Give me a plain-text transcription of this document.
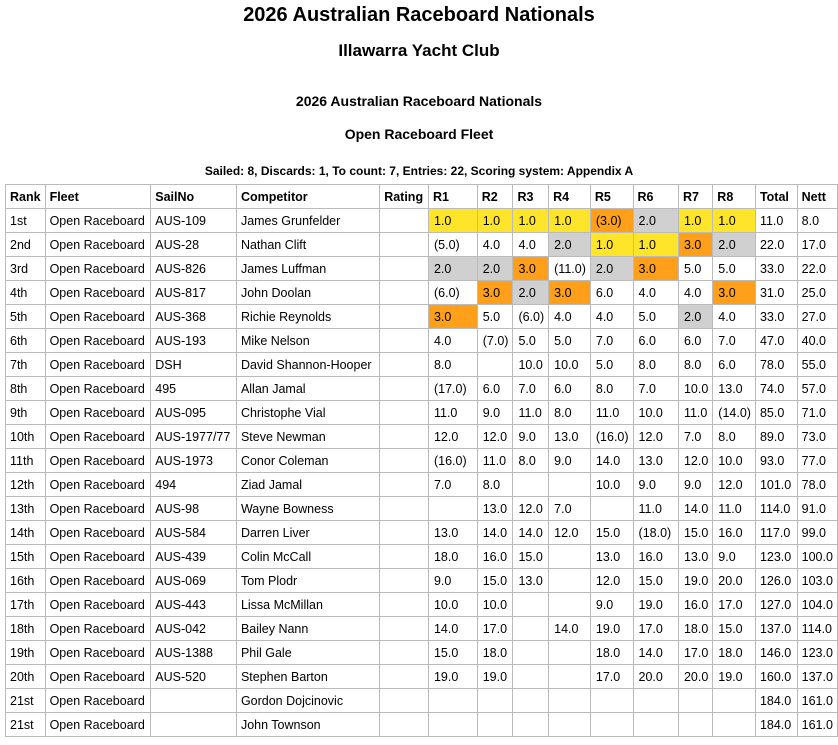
2026 Australian Raceboard Nationals
Illawarra Yacht Club
2026 Australian Raceboard Nationals
Open Raceboard Fleet
Sailed: 8, Discards: 1, To count: 7, Entries: 22, Scoring system: Appendix A
Rank	Fleet	SailNo	Competitor	Rating	R1	R2	R3	R4	R5	R6	R7	R8	Total	Nett
1st	Open Raceboard	AUS-109	James Grunfelder		1.0	1.0	1.0	1.0	(3.0)	2.0	1.0	1.0	11.0	8.0
2nd	Open Raceboard	AUS-28	Nathan Clift		(5.0)	4.0	4.0	2.0	1.0	1.0	3.0	2.0	22.0	17.0
3rd	Open Raceboard	AUS-826	James Luffman		2.0	2.0	3.0	(11.0)	2.0	3.0	5.0	5.0	33.0	22.0
4th	Open Raceboard	AUS-817	John Doolan		(6.0)	3.0	2.0	3.0	6.0	4.0	4.0	3.0	31.0	25.0
5th	Open Raceboard	AUS-368	Richie Reynolds		3.0	5.0	(6.0)	4.0	4.0	5.0	2.0	4.0	33.0	27.0
6th	Open Raceboard	AUS-193	Mike Nelson		4.0	(7.0)	5.0	5.0	7.0	6.0	6.0	7.0	47.0	40.0
7th	Open Raceboard	DSH	David Shannon-Hooper		8.0		10.0	10.0	5.0	8.0	8.0	6.0	78.0	55.0
8th	Open Raceboard	495	Allan Jamal		(17.0)	6.0	7.0	6.0	8.0	7.0	10.0	13.0	74.0	57.0
9th	Open Raceboard	AUS-095	Christophe Vial		11.0	9.0	11.0	8.0	11.0	10.0	11.0	(14.0)	85.0	71.0
10th	Open Raceboard	AUS-1977/77	Steve Newman		12.0	12.0	9.0	13.0	(16.0)	12.0	7.0	8.0	89.0	73.0
11th	Open Raceboard	AUS-1973	Conor Coleman		(16.0)	11.0	8.0	9.0	14.0	13.0	12.0	10.0	93.0	77.0
12th	Open Raceboard	494	Ziad Jamal		7.0	8.0			10.0	9.0	9.0	12.0	101.0	78.0
13th	Open Raceboard	AUS-98	Wayne Bowness			13.0	12.0	7.0		11.0	14.0	11.0	114.0	91.0
14th	Open Raceboard	AUS-584	Darren Liver		13.0	14.0	14.0	12.0	15.0	(18.0)	15.0	16.0	117.0	99.0
15th	Open Raceboard	AUS-439	Colin McCall		18.0	16.0	15.0		13.0	16.0	13.0	9.0	123.0	100.0
16th	Open Raceboard	AUS-069	Tom Plodr		9.0	15.0	13.0		12.0	15.0	19.0	20.0	126.0	103.0
17th	Open Raceboard	AUS-443	Lissa McMillan		10.0	10.0			9.0	19.0	16.0	17.0	127.0	104.0
18th	Open Raceboard	AUS-042	Bailey Nann		14.0	17.0		14.0	19.0	17.0	18.0	15.0	137.0	114.0
19th	Open Raceboard	AUS-1388	Phil Gale		15.0	18.0			18.0	14.0	17.0	18.0	146.0	123.0
20th	Open Raceboard	AUS-520	Stephen Barton		19.0	19.0			17.0	20.0	20.0	19.0	160.0	137.0
21st	Open Raceboard		Gordon Dojcinovic										184.0	161.0
21st	Open Raceboard		John Townson										184.0	161.0
